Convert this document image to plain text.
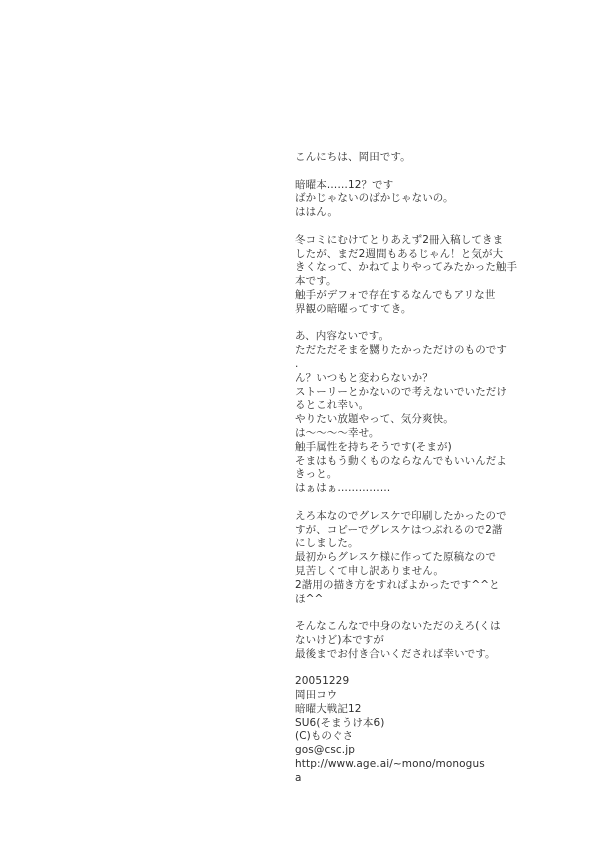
こんにちは、岡田です。
暗曜本……12？です
ばかじゃないのばかじゃないの。
ははん。
冬コミにむけてとりあえず2冊入稿してきま
したが、まだ2週間もあるじゃん！と気が大
きくなって、かねてよりやってみたかった触手
本です。
触手がデフォで存在するなんでもアリな世
界観の暗曜ってすてき。
あ、内容ないです。
ただただそまを嬲りたかっただけのものです
.
ん？いつもと変わらないか？
ストーリーとかないので考えないでいただけ
るとこれ幸い。
やりたい放題やって、気分爽快。
は～～～～幸せ。
触手属性を持ちそうです(そまが)
そまはもう動くものならなんでもいいんだよ
きっと。
はぁはぁ……………
えろ本なのでグレスケで印刷したかったので
すが、コピーでグレスケはつぶれるので2諧
にしました。
最初からグレスケ様に作ってた原稿なので
見苦しくて申し訳ありません。
2諧用の描き方をすればよかったです^^と
ほ^^
そんなこんなで中身のないただのえろ(くは
ないけど)本ですが
最後までお付き合いくだされば幸いです。
20051229
岡田コウ
暗曜大戦記12
SU6(そまうけ本6)
(C)ものぐさ
gos@csc.jp
http://www.age.ai/~mono/monogus
a
